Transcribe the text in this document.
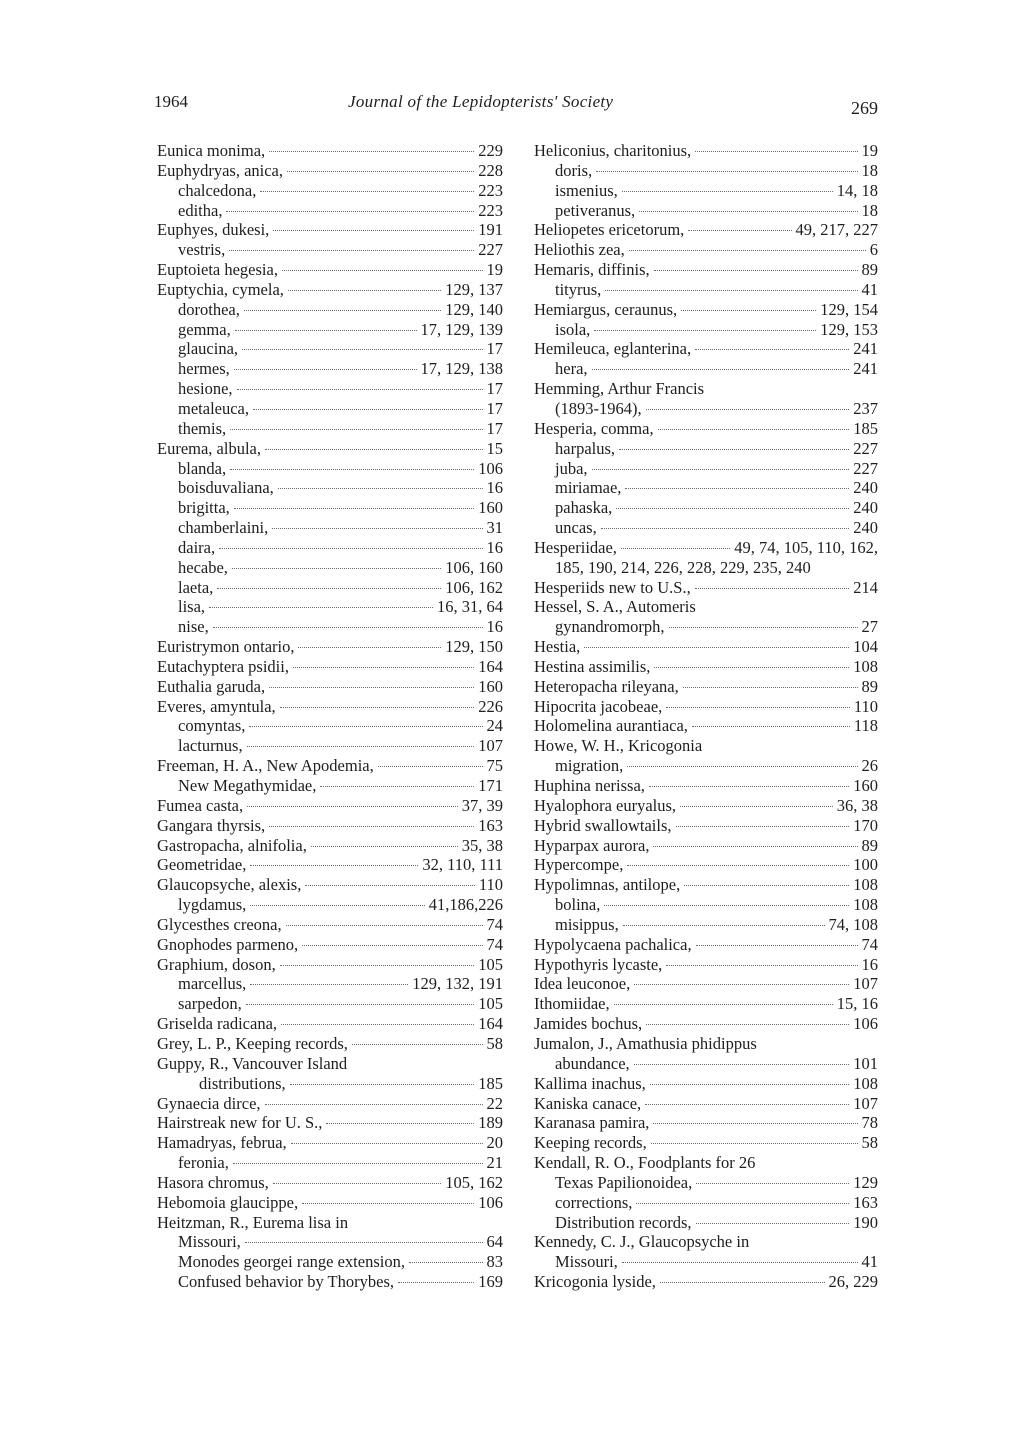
1964	Journal of the Lepidopterists' Society	269
Eunica monima,	229
Euphydryas, anica,	228
chalcedona,	223
editha,	223
Euphyes, dukesi,	191
vestris,	227
Euptoieta hegesia,	19
Euptychia, cymela,	129, 137
dorothea,	129, 140
gemma,	17, 129, 139
glaucina,	17
hermes,	17, 129, 138
hesione,	17
metaleuca,	17
themis,	17
Eurema, albula,	15
blanda,	106
boisduvaliana,	16
brigitta,	160
chamberlaini,	31
daira,	16
hecabe,	106, 160
laeta,	106, 162
lisa,	16, 31, 64
nise,	16
Euristrymon ontario,	129, 150
Eutachyptera psidii,	164
Euthalia garuda,	160
Everes, amyntula,	226
comyntas,	24
lacturnus,	107
Freeman, H. A., New Apodemia,	75
New Megathymidae,	171
Fumea casta,	37, 39
Gangara thyrsis,	163
Gastropacha, alnifolia,	35, 38
Geometridae,	32, 110, 111
Glaucopsyche, alexis,	110
lygdamus,	41,186,226
Glycesthes creona,	74
Gnophodes parmeno,	74
Graphium, doson,	105
marcellus,	129, 132, 191
sarpedon,	105
Griselda radicana,	164
Grey, L. P., Keeping records,	58
Guppy, R., Vancouver Island
distributions,	185
Gynaecia dirce,	22
Hairstreak new for U. S.,	189
Hamadryas, februa,	20
feronia,	21
Hasora chromus,	105, 162
Hebomoia glaucippe,	106
Heitzman, R., Eurema lisa in
Missouri,	64
Monodes georgei range extension,	83
Confused behavior by Thorybes,	169
Heliconius, charitonius,	19
doris,	18
ismenius,	14, 18
petiveranus,	18
Heliopetes ericetorum,	49, 217, 227
Heliothis zea,	6
Hemaris, diffinis,	89
tityrus,	41
Hemiargus, ceraunus,	129, 154
isola,	129, 153
Hemileuca, eglanterina,	241
hera,	241
Hemming, Arthur Francis
(1893-1964),	237
Hesperia, comma,	185
harpalus,	227
juba,	227
miriamae,	240
pahaska,	240
uncas,	240
Hesperiidae,	49, 74, 105, 110, 162,
185, 190, 214, 226, 228, 229, 235, 240
Hesperiids new to U.S.,	214
Hessel, S. A., Automeris
gynandromorph,	27
Hestia,	104
Hestina assimilis,	108
Heteropacha rileyana,	89
Hipocrita jacobeae,	110
Holomelina aurantiaca,	118
Howe, W. H., Kricogonia
migration,	26
Huphina nerissa,	160
Hyalophora euryalus,	36, 38
Hybrid swallowtails,	170
Hyparpax aurora,	89
Hypercompe,	100
Hypolimnas, antilope,	108
bolina,	108
misippus,	74, 108
Hypolycaena pachalica,	74
Hypothyris lycaste,	16
Idea leuconoe,	107
Ithomiidae,	15, 16
Jamides bochus,	106
Jumalon, J., Amathusia phidippus
abundance,	101
Kallima inachus,	108
Kaniska canace,	107
Karanasa pamira,	78
Keeping records,	58
Kendall, R. O., Foodplants for 26
Texas Papilionoidea,	129
corrections,	163
Distribution records,	190
Kennedy, C. J., Glaucopsyche in
Missouri,	41
Kricogonia lyside,	26, 229
